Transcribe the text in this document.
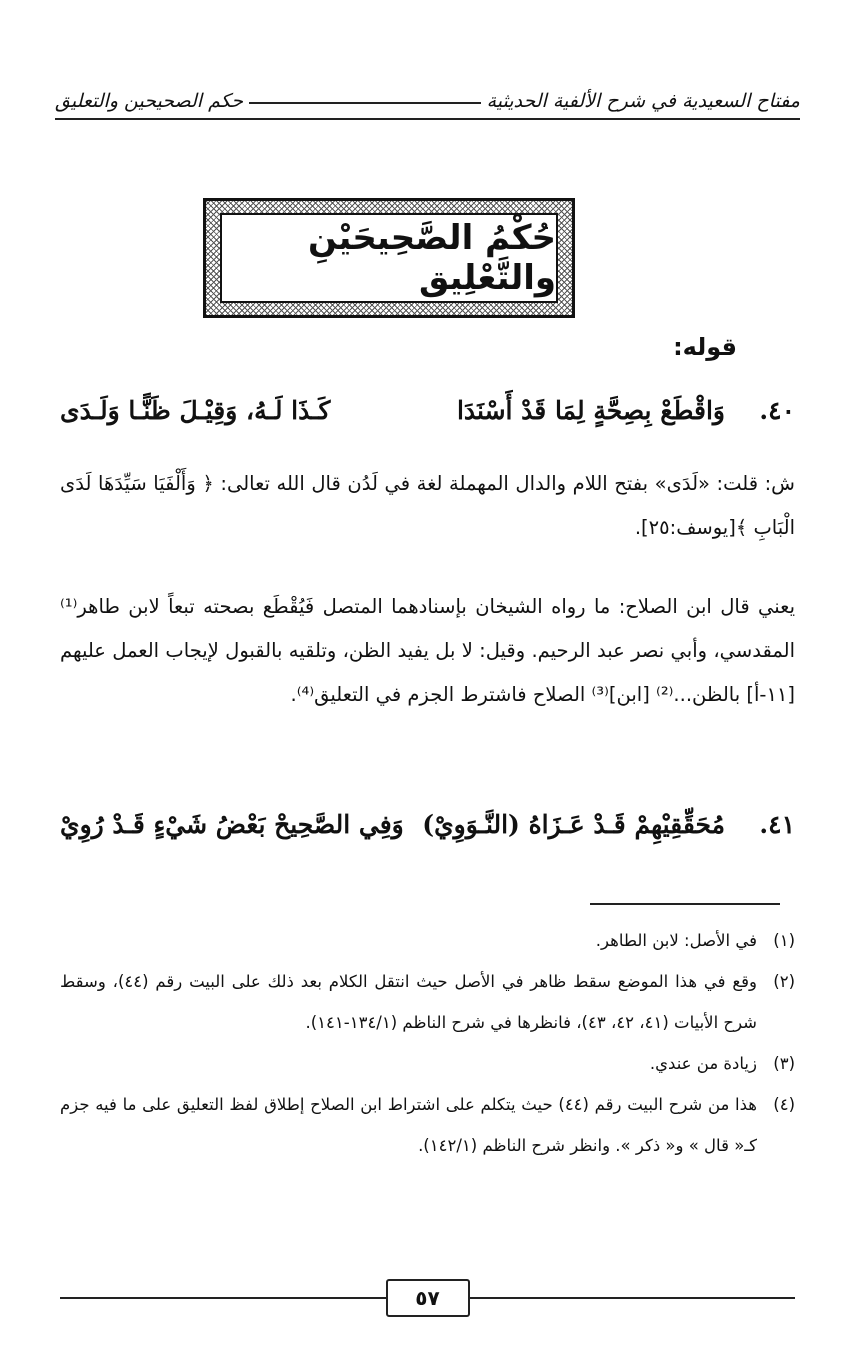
مفتاح السعيدية في شرح الألفية الحديثية
حكم الصحيحين والتعليق
حُكْمُ الصَّحِيحَيْنِ والتَّعْلِيق
قوله:
٤٠.
وَاقْطَعْ بِصِحَّةٍ لِمَا قَدْ أَسْنَدَا
كَـذَا لَـهُ، وَقِيْـلَ ظَنًّـا وَلَـدَى
ش: قلت: «لَدَى» بفتح اللام والدال المهملة لغة في لَدُن قال الله تعالى: ﴿ وَأَلْفَيَا سَيِّدَهَا لَدَى الْبَابِ ﴾[يوسف:٢٥].
يعني قال ابن الصلاح: ما رواه الشيخان بإسنادهما المتصل فَيُقْطَع بصحته تبعاً لابن طاهر⁽¹⁾ المقدسي، وأبي نصر عبد الرحيم. وقيل: لا بل يفيد الظن، وتلقيه بالقبول لإيجاب العمل عليهم [١١-أ] بالظن...⁽²⁾ [ابن]⁽³⁾ الصلاح فاشترط الجزم في التعليق⁽⁴⁾.
٤١.
مُحَقِّقِيْهِمْ قَـدْ عَـزَاهُ (النَّـوَوِيْ)
وَفِي الصَّحِيحْ بَعْضُ شَيْءٍ قَـدْ رُوِيْ
(١)
في الأصل: لابن الطاهر.
(٢)
وقع في هذا الموضع سقط ظاهر في الأصل حيث انتقل الكلام بعد ذلك على البيت رقم (٤٤)، وسقط شرح الأبيات (٤١، ٤٢، ٤٣)، فانظرها في شرح الناظم (١٣٤/١-١٤١).
(٣)
زيادة من عندي.
(٤)
هذا من شرح البيت رقم (٤٤) حيث يتكلم على اشتراط ابن الصلاح إطلاق لفظ التعليق على ما فيه جزم كـ« قال » و« ذكر ». وانظر شرح الناظم (١٤٢/١).
٥٧
